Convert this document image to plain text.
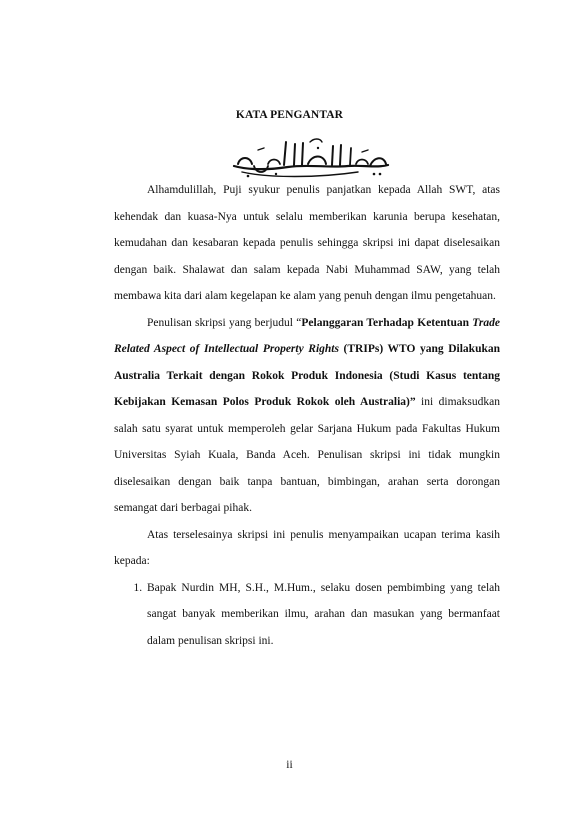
KATA PENGANTAR

Alhamdulillah, Puji syukur penulis panjatkan kepada Allah SWT, atas kehendak dan kuasa-Nya untuk selalu memberikan karunia berupa kesehatan, kemudahan dan kesabaran kepada penulis sehingga skripsi ini dapat diselesaikan dengan baik. Shalawat dan salam kepada Nabi Muhammad SAW, yang telah membawa kita dari alam kegelapan ke alam yang penuh dengan ilmu pengetahuan.

Penulisan skripsi yang berjudul “Pelanggaran Terhadap Ketentuan Trade Related Aspect of Intellectual Property Rights (TRIPs) WTO yang Dilakukan Australia Terkait dengan Rokok Produk Indonesia (Studi Kasus tentang Kebijakan Kemasan Polos Produk Rokok oleh Australia)” ini dimaksudkan salah satu syarat untuk memperoleh gelar Sarjana Hukum pada Fakultas Hukum Universitas Syiah Kuala, Banda Aceh. Penulisan skripsi ini tidak mungkin diselesaikan dengan baik tanpa bantuan, bimbingan, arahan serta dorongan semangat dari berbagai pihak.

Atas terselesainya skripsi ini penulis menyampaikan ucapan terima kasih kepada:

1. Bapak Nurdin MH, S.H., M.Hum., selaku dosen pembimbing yang telah sangat banyak memberikan ilmu, arahan dan masukan yang bermanfaat dalam penulisan skripsi ini.
ii
